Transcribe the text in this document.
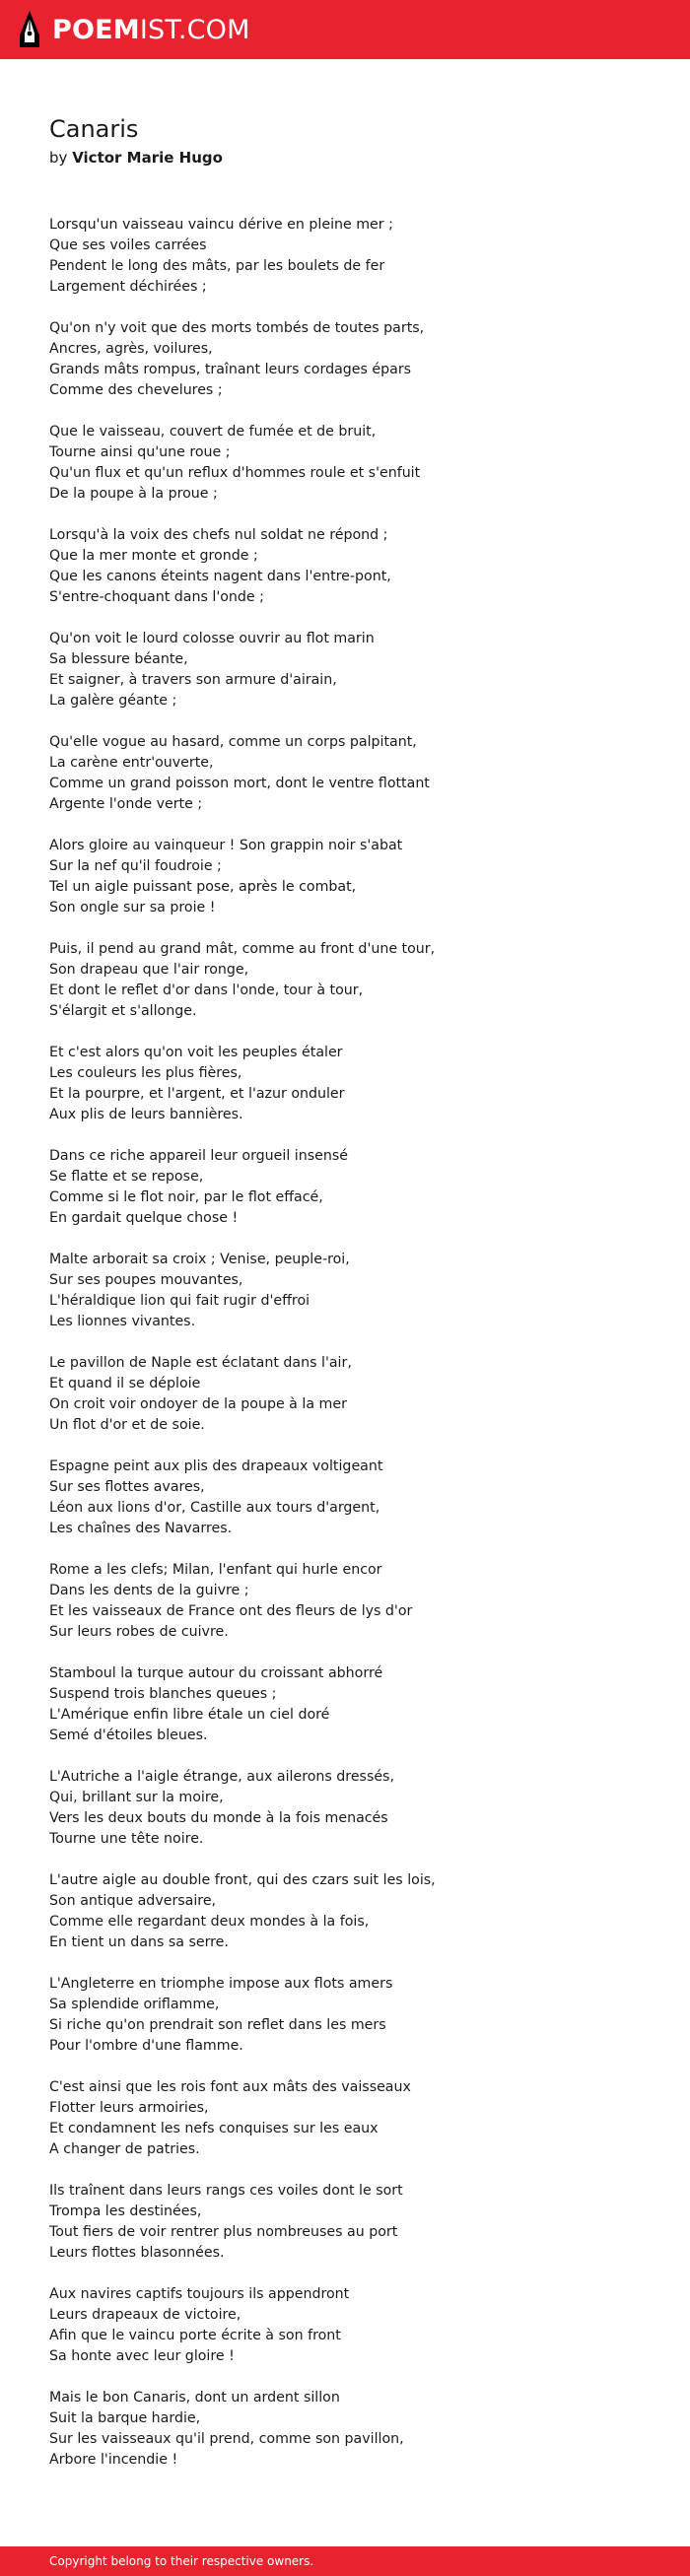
POEMIST.COM
Canaris
by Victor Marie Hugo
Lorsqu'un vaisseau vaincu dérive en pleine mer ;
Que ses voiles carrées
Pendent le long des mâts, par les boulets de fer
Largement déchirées ;
Qu'on n'y voit que des morts tombés de toutes parts,
Ancres, agrès, voilures,
Grands mâts rompus, traînant leurs cordages épars
Comme des chevelures ;
Que le vaisseau, couvert de fumée et de bruit,
Tourne ainsi qu'une roue ;
Qu'un flux et qu'un reflux d'hommes roule et s'enfuit
De la poupe à la proue ;
Lorsqu'à la voix des chefs nul soldat ne répond ;
Que la mer monte et gronde ;
Que les canons éteints nagent dans l'entre-pont,
S'entre-choquant dans l'onde ;
Qu'on voit le lourd colosse ouvrir au flot marin
Sa blessure béante,
Et saigner, à travers son armure d'airain,
La galère géante ;
Qu'elle vogue au hasard, comme un corps palpitant,
La carène entr'ouverte,
Comme un grand poisson mort, dont le ventre flottant
Argente l'onde verte ;
Alors gloire au vainqueur ! Son grappin noir s'abat
Sur la nef qu'il foudroie ;
Tel un aigle puissant pose, après le combat,
Son ongle sur sa proie !
Puis, il pend au grand mât, comme au front d'une tour,
Son drapeau que l'air ronge,
Et dont le reflet d'or dans l'onde, tour à tour,
S'élargit et s'allonge.
Et c'est alors qu'on voit les peuples étaler
Les couleurs les plus fières,
Et la pourpre, et l'argent, et l'azur onduler
Aux plis de leurs bannières.
Dans ce riche appareil leur orgueil insensé
Se flatte et se repose,
Comme si le flot noir, par le flot effacé,
En gardait quelque chose !
Malte arborait sa croix ; Venise, peuple-roi,
Sur ses poupes mouvantes,
L'héraldique lion qui fait rugir d'effroi
Les lionnes vivantes.
Le pavillon de Naple est éclatant dans l'air,
Et quand il se déploie
On croit voir ondoyer de la poupe à la mer
Un flot d'or et de soie.
Espagne peint aux plis des drapeaux voltigeant
Sur ses flottes avares,
Léon aux lions d'or, Castille aux tours d'argent,
Les chaînes des Navarres.
Rome a les clefs; Milan, l'enfant qui hurle encor
Dans les dents de la guivre ;
Et les vaisseaux de France ont des fleurs de lys d'or
Sur leurs robes de cuivre.
Stamboul la turque autour du croissant abhorré
Suspend trois blanches queues ;
L'Amérique enfin libre étale un ciel doré
Semé d'étoiles bleues.
L'Autriche a l'aigle étrange, aux ailerons dressés,
Qui, brillant sur la moire,
Vers les deux bouts du monde à la fois menacés
Tourne une tête noire.
L'autre aigle au double front, qui des czars suit les lois,
Son antique adversaire,
Comme elle regardant deux mondes à la fois,
En tient un dans sa serre.
L'Angleterre en triomphe impose aux flots amers
Sa splendide oriflamme,
Si riche qu'on prendrait son reflet dans les mers
Pour l'ombre d'une flamme.
C'est ainsi que les rois font aux mâts des vaisseaux
Flotter leurs armoiries,
Et condamnent les nefs conquises sur les eaux
A changer de patries.
Ils traînent dans leurs rangs ces voiles dont le sort
Trompa les destinées,
Tout fiers de voir rentrer plus nombreuses au port
Leurs flottes blasonnées.
Aux navires captifs toujours ils appendront
Leurs drapeaux de victoire,
Afin que le vaincu porte écrite à son front
Sa honte avec leur gloire !
Mais le bon Canaris, dont un ardent sillon
Suit la barque hardie,
Sur les vaisseaux qu'il prend, comme son pavillon,
Arbore l'incendie !
Copyright belong to their respective owners.
